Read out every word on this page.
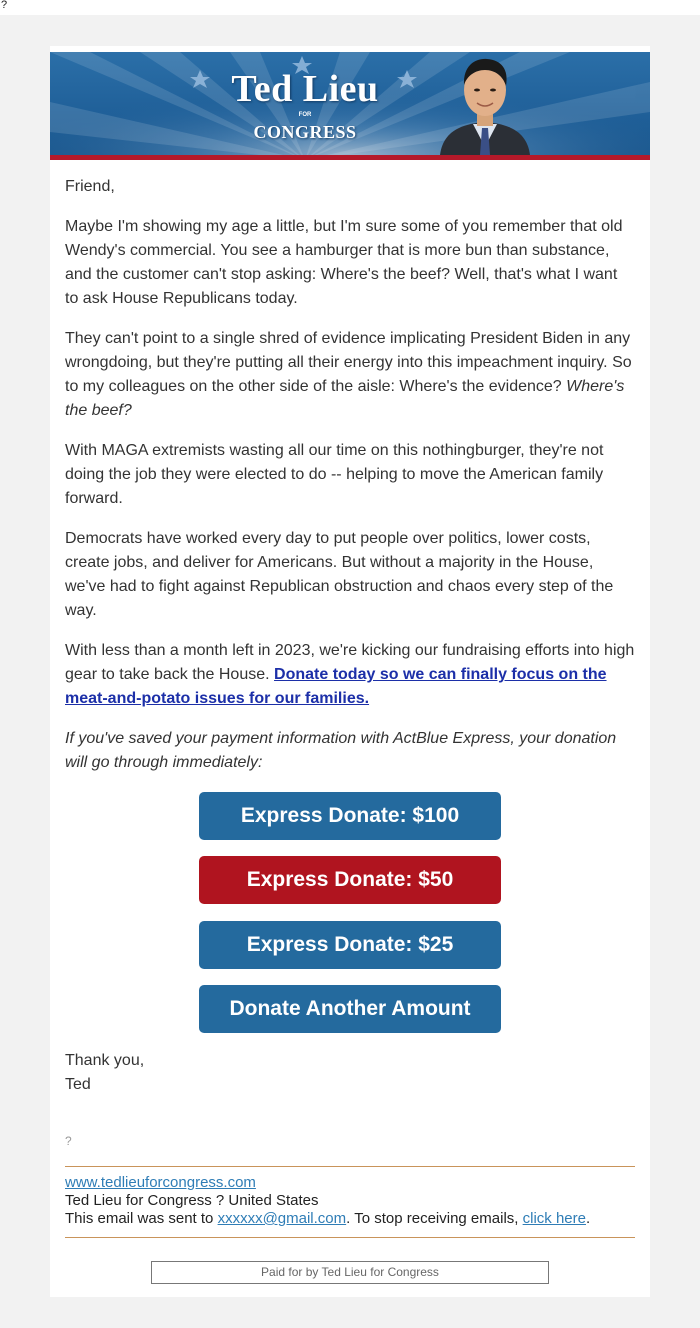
?
Ted Lieu
FOR
CONGRESS

Friend,

Maybe I'm showing my age a little, but I'm sure some of you remember that old Wendy's commercial. You see a hamburger that is more bun than substance, and the customer can't stop asking: Where's the beef? Well, that's what I want to ask House Republicans today.

They can't point to a single shred of evidence implicating President Biden in any wrongdoing, but they're putting all their energy into this impeachment inquiry. So to my colleagues on the other side of the aisle: Where's the evidence? Where's the beef?

With MAGA extremists wasting all our time on this nothingburger, they're not doing the job they were elected to do -- helping to move the American family forward.

Democrats have worked every day to put people over politics, lower costs, create jobs, and deliver for Americans. But without a majority in the House, we've had to fight against Republican obstruction and chaos every step of the way.

With less than a month left in 2023, we're kicking our fundraising efforts into high gear to take back the House. Donate today so we can finally focus on the meat-and-potato issues for our families.

If you've saved your payment information with ActBlue Express, your donation will go through immediately:

Express Donate: $100
Express Donate: $50
Express Donate: $25
Donate Another Amount
Thank you,
Ted
?
www.tedlieuforcongress.com
Ted Lieu for Congress ? United States
This email was sent to xxxxxx@gmail.com. To stop receiving emails, click here.
Paid for by Ted Lieu for Congress
